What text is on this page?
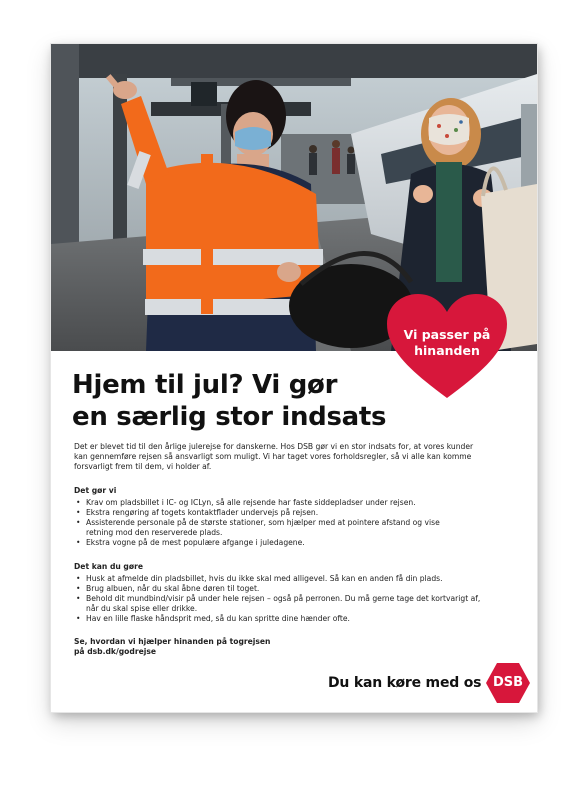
Vi passer på
hinanden
Hjem til jul? Vi gør
en særlig stor indsats
Det er blevet tid til den årlige julerejse for danskerne. Hos DSB gør vi en stor indsats for, at vores kunder
kan gennemføre rejsen så ansvarligt som muligt. Vi har taget vores forholdsregler, så vi alle kan komme
forsvarligt frem til dem, vi holder af.
Det gør vi
• Krav om pladsbillet i IC- og ICLyn, så alle rejsende har faste siddepladser under rejsen.
• Ekstra rengøring af togets kontaktflader undervejs på rejsen.
• Assisterende personale på de største stationer, som hjælper med at pointere afstand og vise
retning mod den reserverede plads.
• Ekstra vogne på de mest populære afgange i juledagene.
Det kan du gøre
• Husk at afmelde din pladsbillet, hvis du ikke skal med alligevel. Så kan en anden få din plads.
• Brug albuen, når du skal åbne døren til toget.
• Behold dit mundbind/visir på under hele rejsen – også på perronen. Du må gerne tage det kortvarigt af,
når du skal spise eller drikke.
• Hav en lille flaske håndsprit med, så du kan spritte dine hænder ofte.
Se, hvordan vi hjælper hinanden på togrejsen
på dsb.dk/godrejse
Du kan køre med os DSB
